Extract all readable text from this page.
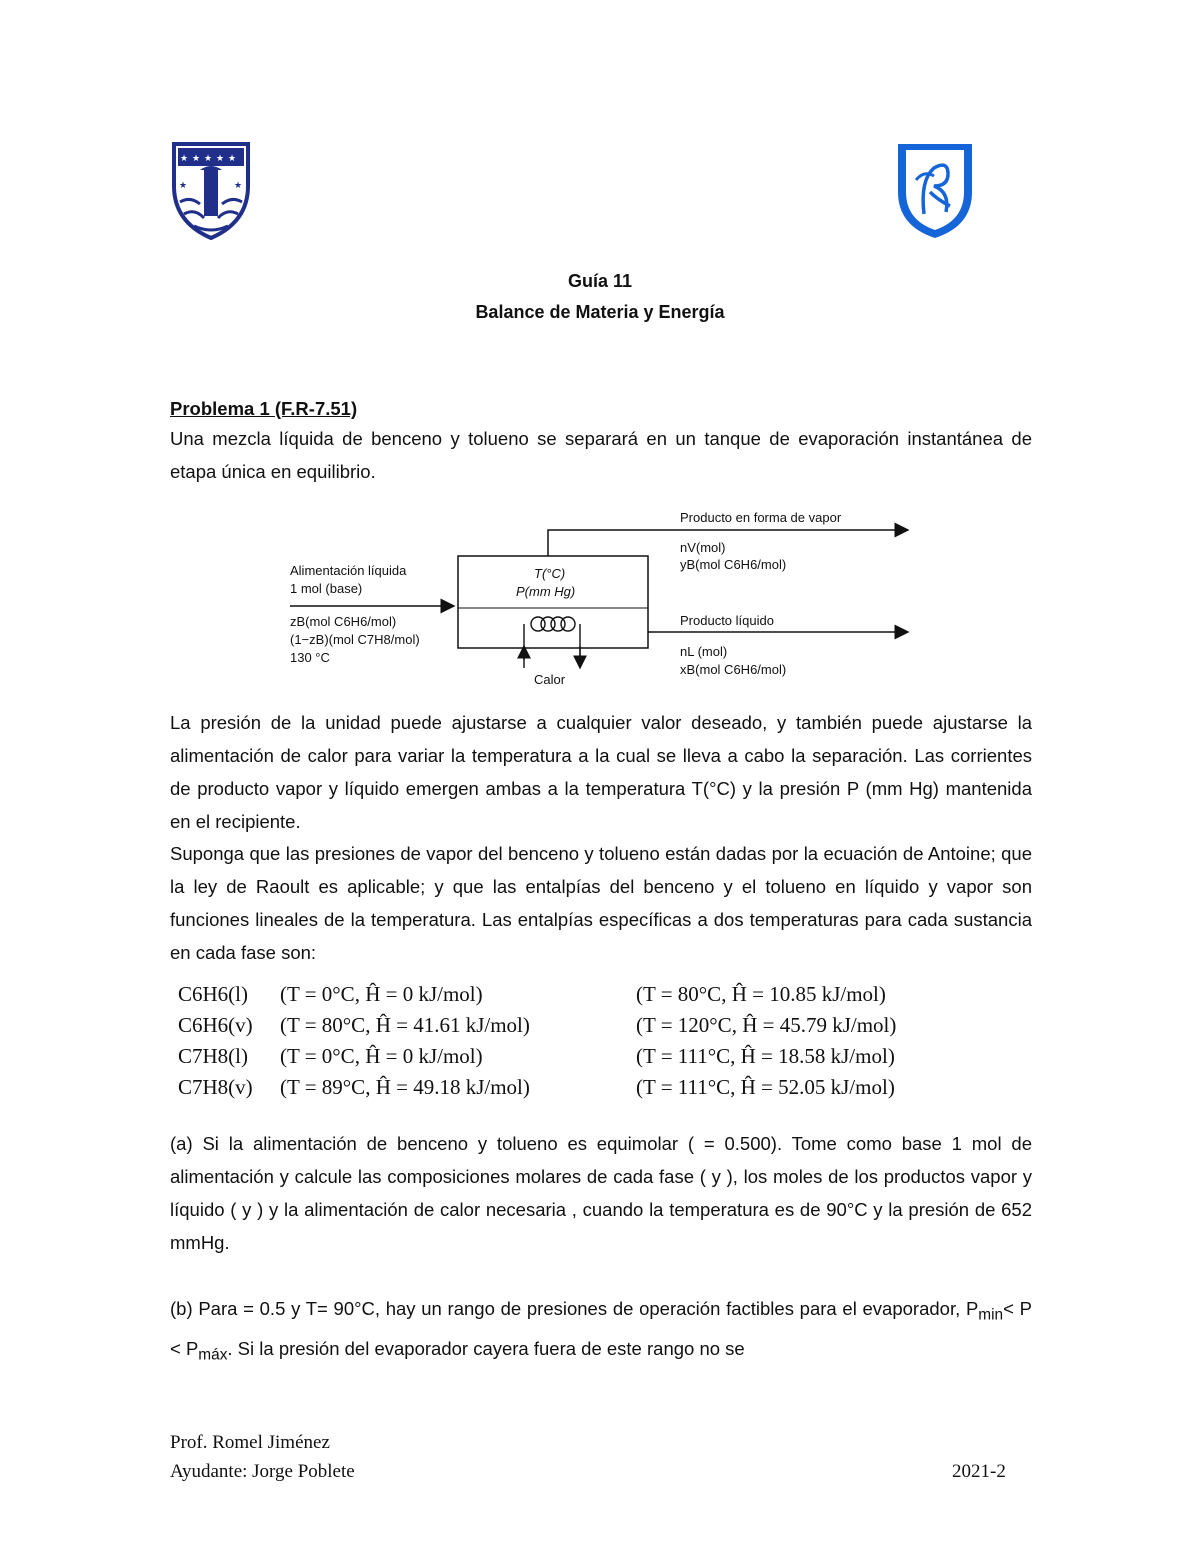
★ ★ ★ ★ ★
★	★
Guía 11
Balance de Materia y Energía
Problema 1 (F.R-7.51)
Una mezcla líquida de benceno y tolueno se separará en un tanque de evaporación instantánea de etapa única en equilibrio.
Producto en forma de vapor
Alimentación líquida
1 mol (base)
zB(mol C6H6/mol)
(1−zB)(mol C7H8/mol)
130 °C
T(°C)
P(mm Hg)
nV(mol)
yB(mol C6H6/mol)
Producto líquido
nL (mol)
xB(mol C6H6/mol)
Calor
La presión de la unidad puede ajustarse a cualquier valor deseado, y también puede ajustarse la alimentación de calor para variar la temperatura a la cual se lleva a cabo la separación. Las corrientes de producto vapor y líquido emergen ambas a la temperatura T(°C) y la presión P (mm Hg) mantenida en el recipiente.
Suponga que las presiones de vapor del benceno y tolueno están dadas por la ecuación de Antoine; que la ley de Raoult es aplicable; y que las entalpías del benceno y el tolueno en líquido y vapor son funciones lineales de la temperatura. Las entalpías específicas a dos temperaturas para cada sustancia en cada fase son:
C6H6(l) (T = 0°C, Ĥ = 0 kJ/mol)	(T = 80°C, Ĥ = 10.85 kJ/mol)
C6H6(v) (T = 80°C, Ĥ = 41.61 kJ/mol)	(T = 120°C, Ĥ = 45.79 kJ/mol)
C7H8(l) (T = 0°C, Ĥ = 0 kJ/mol)	(T = 111°C, Ĥ = 18.58 kJ/mol)
C7H8(v) (T = 89°C, Ĥ = 49.18 kJ/mol)	(T = 111°C, Ĥ = 52.05 kJ/mol)
(a) Si la alimentación de benceno y tolueno es equimolar ( = 0.500). Tome como base 1 mol de alimentación y calcule las composiciones molares de cada fase ( y ), los moles de los productos vapor y líquido ( y ) y la alimentación de calor necesaria , cuando la temperatura es de 90°C y la presión de 652 mmHg.
(b) Para = 0.5 y T= 90°C, hay un rango de presiones de operación factibles para el evaporador, $P_{min}< P < P_{máx}$. Si la presión del evaporador cayera fuera de este rango no se
Prof. Romel Jiménez
Ayudante: Jorge Poblete	2021-2
